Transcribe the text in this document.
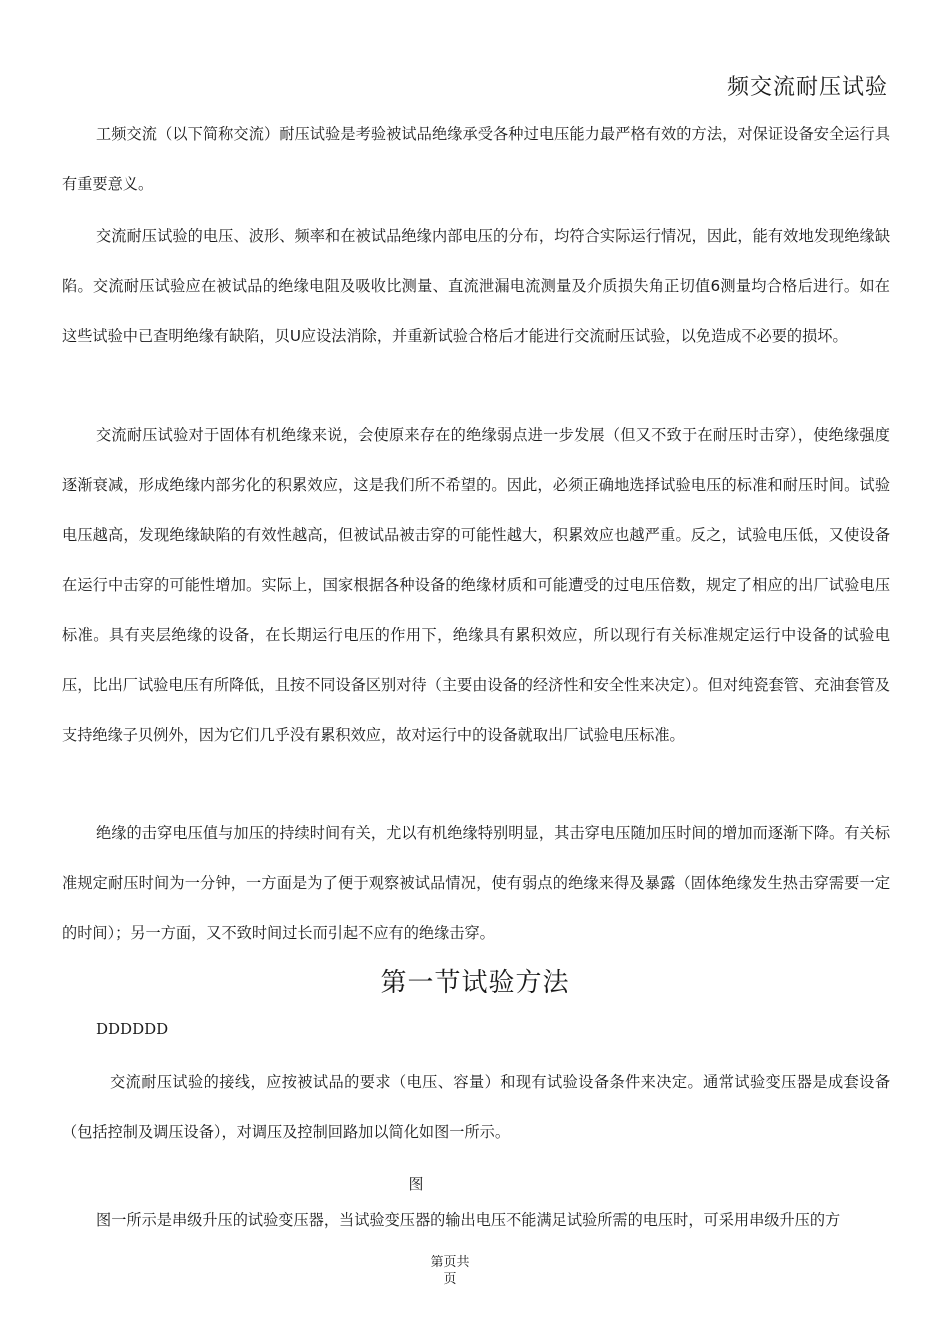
频交流耐压试验

工频交流（以下简称交流）耐压试验是考验被试品绝缘承受各种过电压能力最严格有效的方法，对保证设备安全运行具有重要意义。

交流耐压试验的电压、波形、频率和在被试品绝缘内部电压的分布，均符合实际运行情况，因此，能有效地发现绝缘缺陷。交流耐压试验应在被试品的绝缘电阻及吸收比测量、直流泄漏电流测量及介质损失角正切值6测量均合格后进行。如在这些试验中已查明绝缘有缺陷，贝U应设法消除，并重新试验合格后才能进行交流耐压试验，以免造成不必要的损坏。

交流耐压试验对于固体有机绝缘来说，会使原来存在的绝缘弱点进一步发展（但又不致于在耐压时击穿），使绝缘强度逐渐衰减，形成绝缘内部劣化的积累效应，这是我们所不希望的。因此，必须正确地选择试验电压的标准和耐压时间。试验电压越高，发现绝缘缺陷的有效性越高，但被试品被击穿的可能性越大，积累效应也越严重。反之，试验电压低，又使设备在运行中击穿的可能性增加。实际上，国家根据各种设备的绝缘材质和可能遭受的过电压倍数，规定了相应的出厂试验电压标准。具有夹层绝缘的设备，在长期运行电压的作用下，绝缘具有累积效应，所以现行有关标准规定运行中设备的试验电压，比出厂试验电压有所降低，且按不同设备区别对待（主要由设备的经济性和安全性来决定）。但对纯瓷套管、充油套管及支持绝缘子贝例外，因为它们几乎没有累积效应，故对运行中的设备就取出厂试验电压标准。

绝缘的击穿电压值与加压的持续时间有关，尤以有机绝缘特别明显，其击穿电压随加压时间的增加而逐渐下降。有关标准规定耐压时间为一分钟，一方面是为了便于观察被试品情况，使有弱点的绝缘来得及暴露（固体绝缘发生热击穿需要一定的时间）；另一方面，又不致时间过长而引起不应有的绝缘击穿。

第一节试验方法
DDDDDD

交流耐压试验的接线，应按被试品的要求（电压、容量）和现有试验设备条件来决定。通常试验变压器是成套设备（包括控制及调压设备），对调压及控制回路加以简化如图一所示。

图

图一所示是串级升压的试验变压器，当试验变压器的输出电压不能满足试验所需的电压时，可采用串级升压的方

第页共
页
